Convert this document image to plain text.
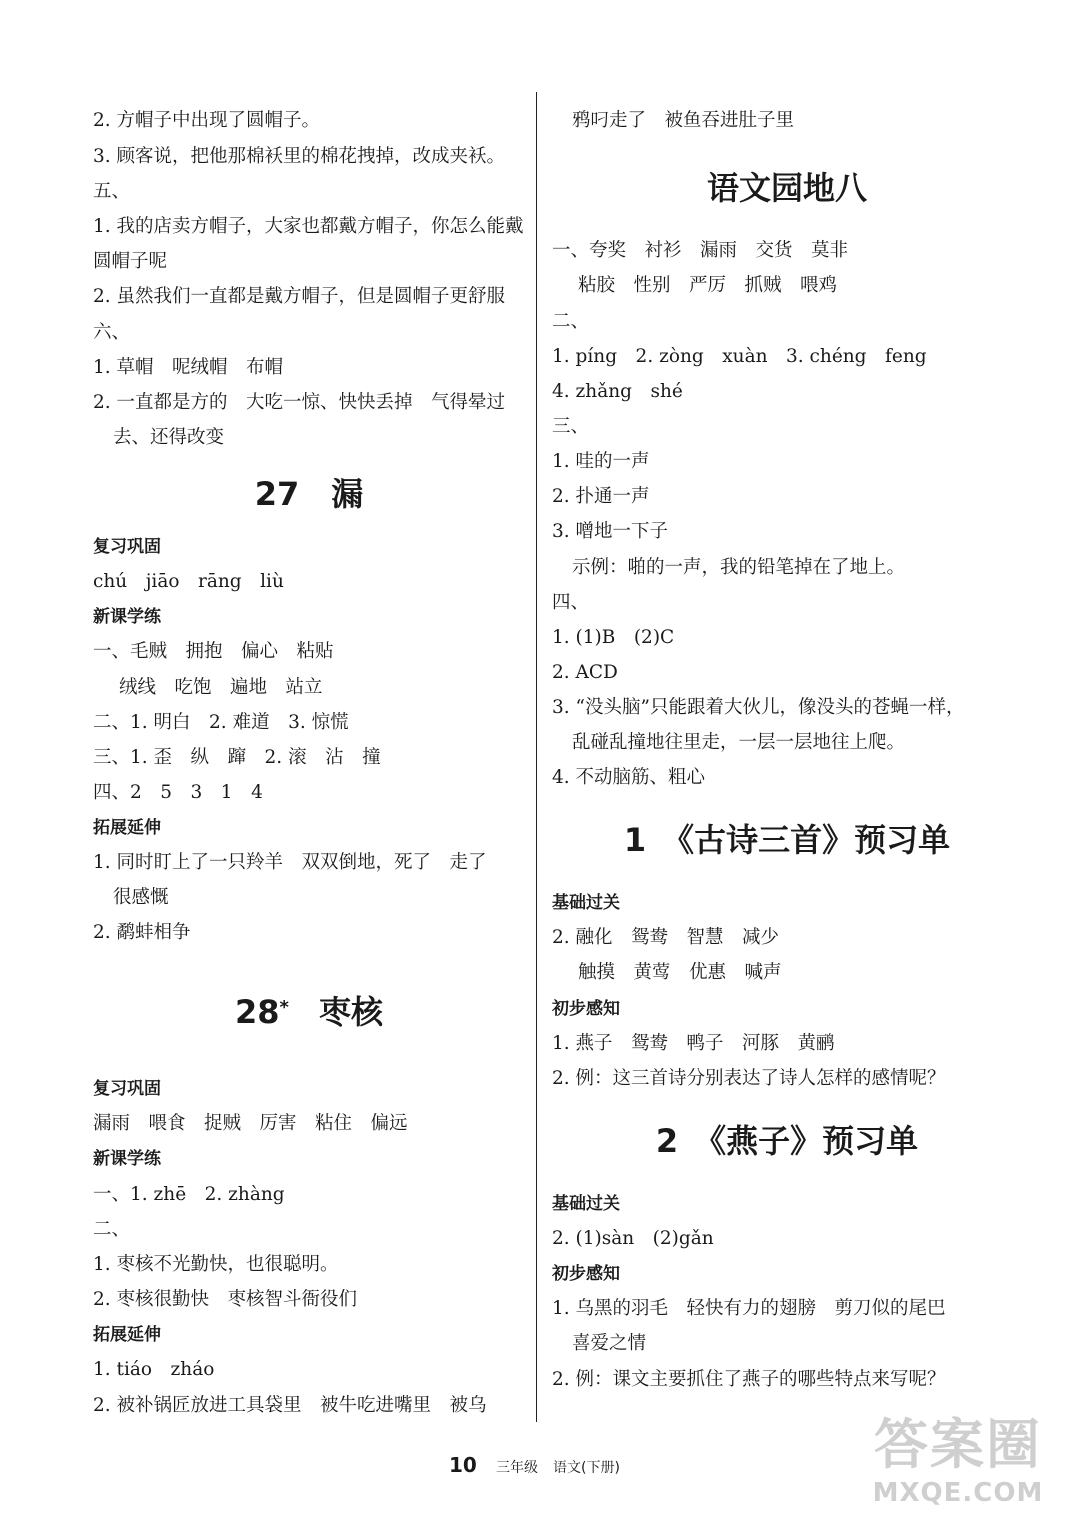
2. 方帽子中出现了圆帽子。
3. 顾客说，把他那棉袄里的棉花拽掉，改成夹袄。
五、
1. 我的店卖方帽子，大家也都戴方帽子，你怎么能戴
圆帽子呢
2. 虽然我们一直都是戴方帽子，但是圆帽子更舒服
六、
1. 草帽　呢绒帽　布帽
2. 一直都是方的　大吃一惊、快快丢掉　气得晕过
去、还得改变
27　漏
复习巩固
chú　jiāo　rāng　liù
新课学练
一、毛贼　拥抱　偏心　粘贴
绒线　吃饱　遍地　站立
二、1. 明白　2. 难道　3. 惊慌
三、1. 歪　纵　蹿　2. 滚　沾　撞
四、2　5　3　1　4
拓展延伸
1. 同时盯上了一只羚羊　双双倒地，死了　走了
很感慨
2. 鹬蚌相争
28* 枣核
复习巩固
漏雨　喂食　捉贼　厉害　粘住　偏远
新课学练
一、1. zhē　2. zhàng
二、
1. 枣核不光勤快，也很聪明。
2. 枣核很勤快　枣核智斗衙役们
拓展延伸
1. tiáo　zháo
2. 被补锅匠放进工具袋里　被牛吃进嘴里　被乌
鸦叼走了　被鱼吞进肚子里
语文园地八
一、夸奖　衬衫　漏雨　交货　莫非
粘胶　性别　严厉　抓贼　喂鸡
二、
1. píng　2. zòng　xuàn　3. chéng　feng
4. zhǎng　shé
三、
1. 哇的一声
2. 扑通一声
3. 噌地一下子
示例：啪的一声，我的铅笔掉在了地上。
四、
1. (1)B　(2)C
2. ACD
3. “没头脑”只能跟着大伙儿，像没头的苍蝇一样，
乱碰乱撞地往里走，一层一层地往上爬。
4. 不动脑筋、粗心
1　《古诗三首》预习单
基础过关
2. 融化　鸳鸯　智慧　减少
触摸　黄莺　优惠　喊声
初步感知
1. 燕子　鸳鸯　鸭子　河豚　黄鹂
2. 例：这三首诗分别表达了诗人怎样的感情呢？
2　《燕子》预习单
基础过关
2. (1)sàn　(2)gǎn
初步感知
1. 乌黑的羽毛　轻快有力的翅膀　剪刀似的尾巴
喜爱之情
2. 例：课文主要抓住了燕子的哪些特点来写呢？
10 三年级 语文(下册)	答案圈
MXQE.COM
